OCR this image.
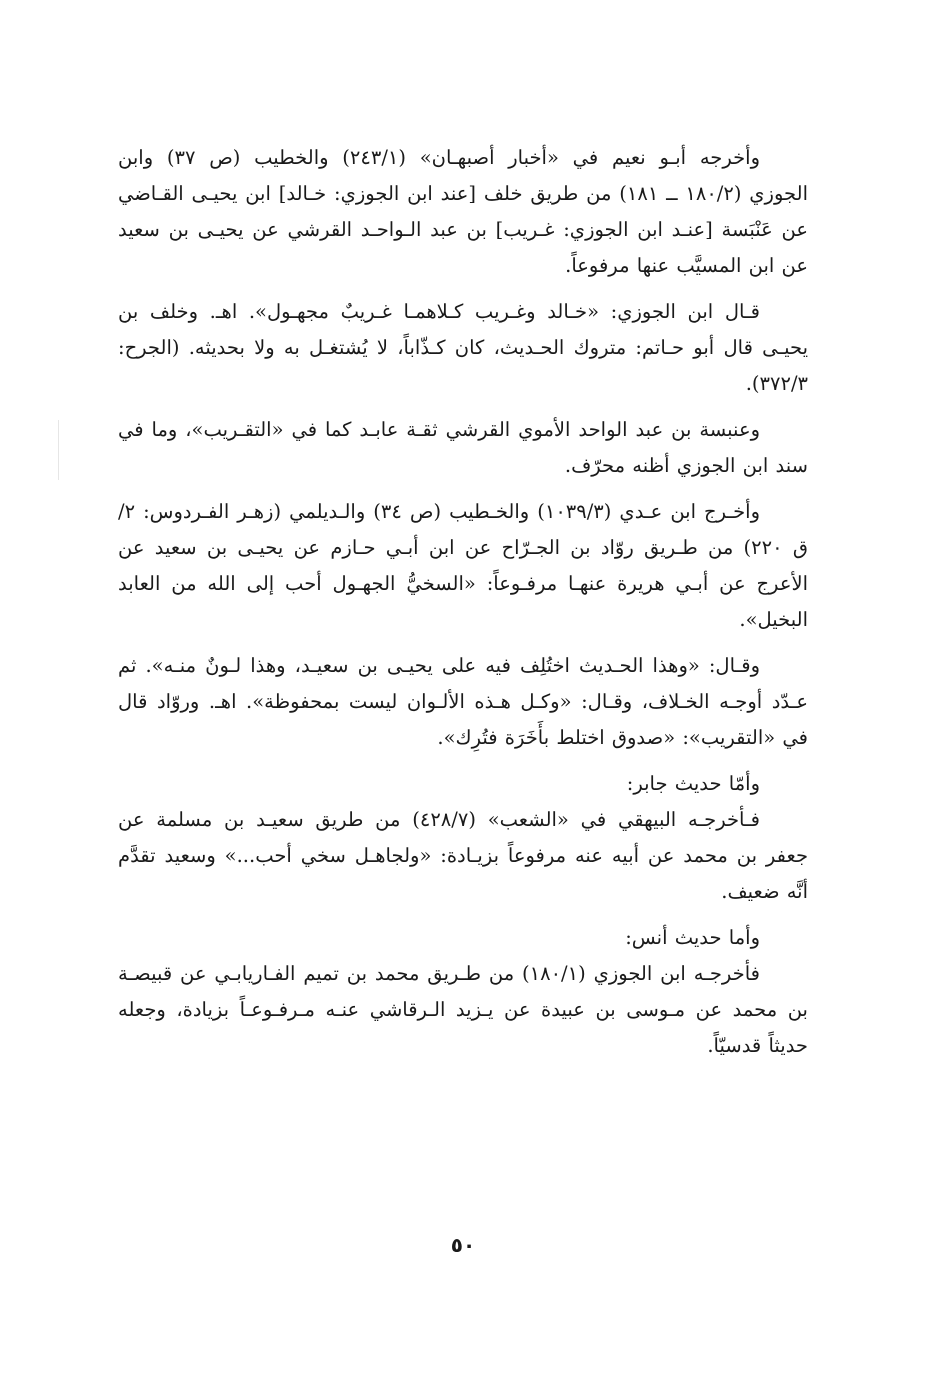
وأخرجه أبـو نعيم في «أخبار أصبهـان» (٢٤٣/١) والخطيب (ص ٣٧) وابن الجوزي (١٨٠/٢ ــ ١٨١) من طريق خلف [عند ابن الجوزي: خـالد] ابن يحيـى القـاضي عن عَنْبَسة [عنـد ابن الجوزي: غـريب] بن عبد الـواحـد القرشي عن يحيـى بن سعيد عن ابن المسيَّب عنها مرفوعاً.

قـال ابن الجوزي: «خـالد وغـريب كـلاهمـا غـريبٌ مجهـول». اهـ. وخلف بن يحيـى قال أبو حـاتم: متروك الحـديث، كان كـذّاباً، لا يُشتغـل به ولا بحديثه. (الجرح: ٣٧٢/٣).

وعنبسة بن عبد الواحد الأموي القرشي ثقـة عابـد كما في «التقـريب»، وما في سند ابن الجوزي أظنه محرّف.

وأخـرج ابن عـدي (١٠٣٩/٣) والخـطيب (ص ٣٤) والـديلمي (زهـر الفـردوس: ٢/ق ٢٢٠) من طـريق روّاد بن الجـرّاح عن ابن أبـي حـازم عن يحيـى بن سعيد عن الأعرج عن أبـي هريرة عنهـا مرفـوعاً: «السخيُّ الجهـول أحب إلى الله من العابد البخيل».

وقـال: «وهذا الحـديث اختُلِف فيه على يحيـى بن سعيـد، وهذا لـونٌ منـه». ثم عـدّد أوجـه الخـلاف، وقـال: «وكـل هـذه الألـوان ليست بمحفوظة». اهـ. وروّاد قال في «التقريب»: «صدوق اختلط بأَخَرَة فتُرِك».

وأمّا حديث جابر:

فـأخرجـه البيهقي في «الشعب» (٤٢٨/٧) من طريق سعيـد بن مسلمة عن جعفر بن محمد عن أبيه عنه مرفوعاً بزيـادة: «ولجاهـل سخي أحب...» وسعيد تقدَّم أنَّه ضعيف.

وأما حديث أنس:

فأخرجـه ابن الجوزي (١٨٠/١) من طـريق محمد بن تميم الفـاريابـي عن قبيصـة بن محمد عن مـوسى بن عبيدة عن يـزيد الـرقاشي عنـه مـرفـوعـاً بزيادة، وجعله حديثاً قدسيّاً.

٥٠
